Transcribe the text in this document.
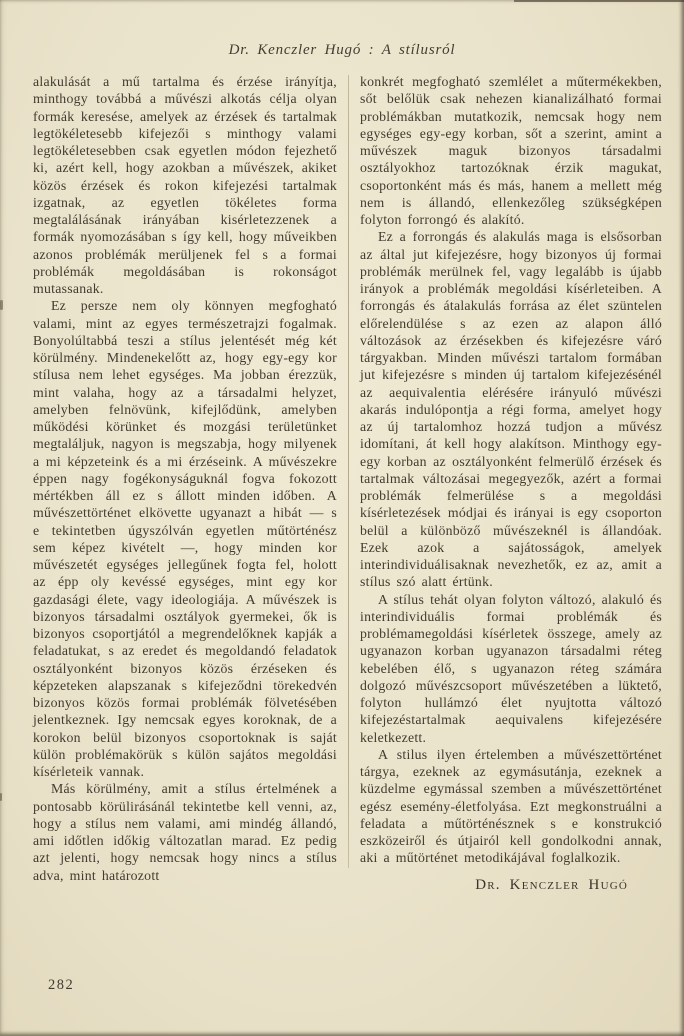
Dr. Kenczler Hugó : A stílusról

alakulását a mű tartalma és érzése irányítja, minthogy továbbá a művészi alkotás célja olyan formák keresése, amelyek az érzések és tartalmak legtökéletesebb kifejezői s minthogy valami legtökéletesebben csak egyetlen módon fejezhető ki, azért kell, hogy azokban a művészek, akiket közös érzések és rokon kifejezési tartalmak izgatnak, az egyetlen tökéletes forma megtalálásának irányában kisérletezzenek a formák nyomozásában s így kell, hogy műveikben azonos problémák merüljenek fel s a formai problémák megoldásában is rokonságot mutassanak.

Ez persze nem oly könnyen megfogható valami, mint az egyes természetrajzi fogalmak. Bonyolúltabbá teszi a stílus jelentését még két körülmény. Mindenekelőtt az, hogy egy-egy kor stílusa nem lehet egységes. Ma jobban érezzük, mint valaha, hogy az a társadalmi helyzet, amelyben felnövünk, kifejlődünk, amelyben működési körünket és mozgási területünket megtaláljuk, nagyon is megszabja, hogy milyenek a mi képzeteink és a mi érzéseink. A művészekre éppen nagy fogékonyságuknál fogva fokozott mértékben áll ez s állott minden időben. A művészettörténet elkövette ugyanazt a hibát — s e tekintetben úgyszólván egyetlen műtörténész sem képez kivételt —, hogy minden kor művészetét egységes jellegűnek fogta fel, holott az épp oly kevéssé egységes, mint egy kor gazdasági élete, vagy ideologiája. A művészek is bizonyos társadalmi osztályok gyermekei, ők is bizonyos csoportjától a megrendelőknek kapják a feladatukat, s az eredet és megoldandó feladatok osztályonként bizonyos közös érzéseken és képzeteken alapszanak s kifejeződni törekedvén bizonyos közös formai problémák fölvetésében jelentkeznek. Igy nemcsak egyes koroknak, de a korokon belül bizonyos csoportoknak is saját külön problémakörük s külön sajátos megoldási kísérleteik vannak.

Más körülmény, amit a stílus értelmének a pontosabb körülirásánál tekintetbe kell venni, az, hogy a stílus nem valami, ami mindég állandó, ami időtlen időkig változatlan marad. Ez pedig azt jelenti, hogy nemcsak hogy nincs a stílus adva, mint határozott

konkrét megfogható szemlélet a műtermékekben, sőt belőlük csak nehezen kianalizálható formai problémákban mutatkozik, nemcsak hogy nem egységes egy-egy korban, sőt a szerint, amint a művészek maguk bizonyos társadalmi osztályokhoz tartozóknak érzik magukat, csoportonként más és más, hanem a mellett még nem is állandó, ellenkezőleg szükségképen folyton forrongó és alakító.

Ez a forrongás és alakulás maga is elsősorban az által jut kifejezésre, hogy bizonyos új formai problémák merülnek fel, vagy legalább is újabb irányok a problémák megoldási kísérleteiben. A forrongás és átalakulás forrása az élet szüntelen előrelendülése s az ezen az alapon álló változások az érzésekben és kifejezésre váró tárgyakban. Minden művészi tartalom formában jut kifejezésre s minden új tartalom kifejezésénél az aequivalentia elérésére irányuló művészi akarás indulópontja a régi forma, amelyet hogy az új tartalomhoz hozzá tudjon a művész idomítani, át kell hogy alakítson. Minthogy egy-egy korban az osztályonként felmerülő érzések és tartalmak változásai megegyezők, azért a formai problémák felmerülése s a megoldási kísérletezések módjai és irányai is egy csoporton belül a különböző művészeknél is állandóak. Ezek azok a sajátosságok, amelyek interindividuálisaknak nevezhetők, ez az, amit a stílus szó alatt értünk.

A stílus tehát olyan folyton változó, alakuló és interindividuális formai problémák és problémamegoldási kísérletek összege, amely az ugyanazon korban ugyanazon társadalmi réteg kebelében élő, s ugyanazon réteg számára dolgozó művészcsoport művészetében a lüktető, folyton hullámzó élet nyujtotta változó kifejezéstartalmak aequivalens kifejezésére keletkezett.

A stilus ilyen értelemben a művészettörténet tárgya, ezeknek az egymásutánja, ezeknek a küzdelme egymással szemben a művészettörténet egész esemény-életfolyása. Ezt megkonstruálni a feladata a műtörténésznek s e konstrukció eszközeiről és útjairól kell gondolkodni annak, aki a műtörténet metodikájával foglalkozik.

Dr. Kenczler Hugó
282
